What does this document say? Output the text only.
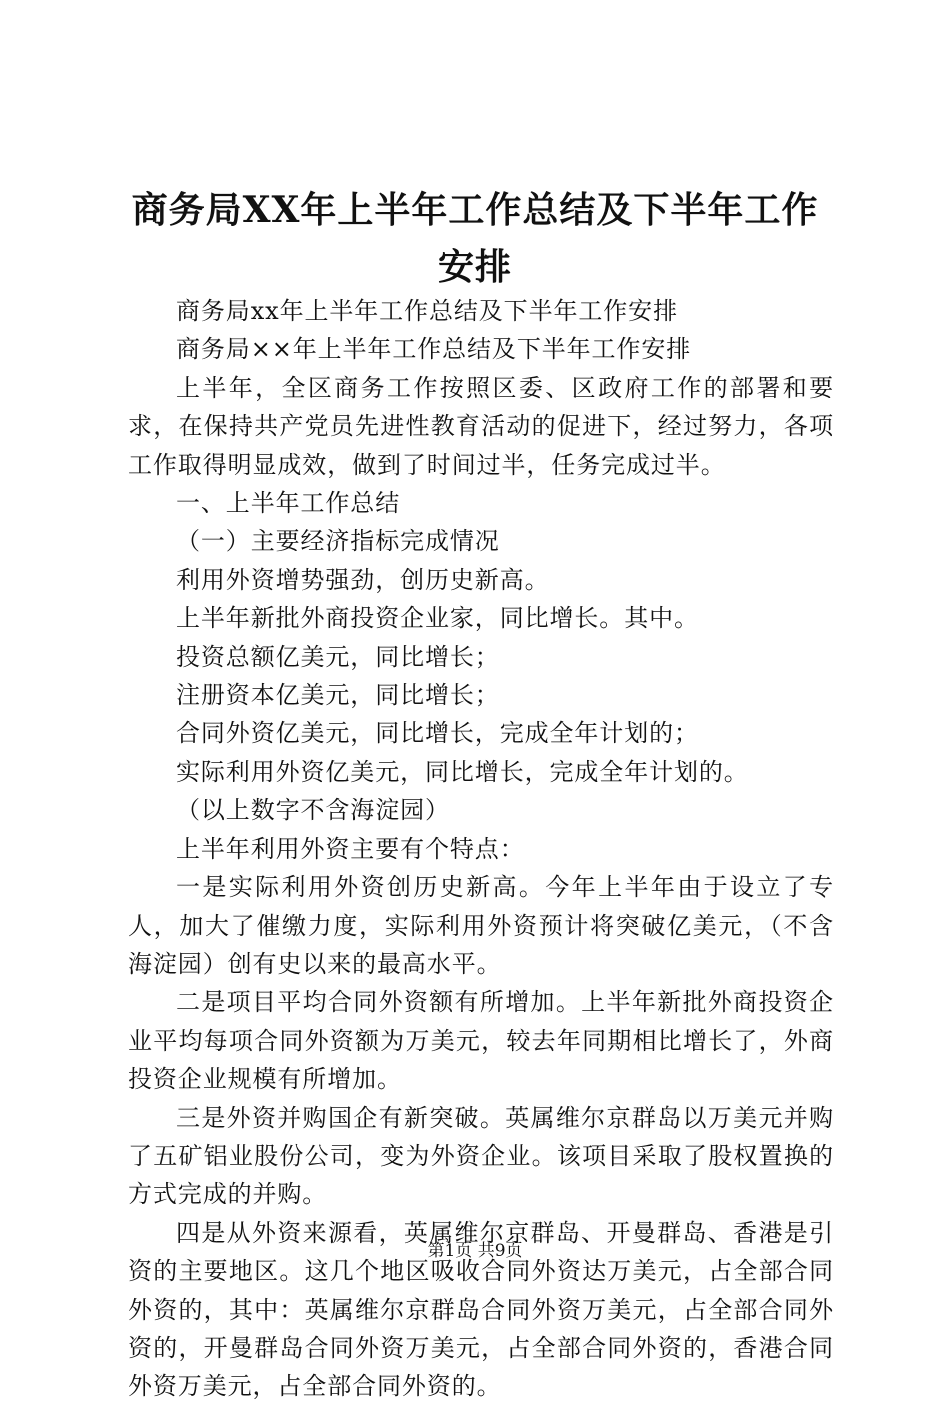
商务局XX年上半年工作总结及下半年工作安排

商务局xx年上半年工作总结及下半年工作安排

商务局××年上半年工作总结及下半年工作安排

上半年，全区商务工作按照区委、区政府工作的部署和要求，在保持共产党员先进性教育活动的促进下，经过努力，各项工作取得明显成效，做到了时间过半，任务完成过半。

一、上半年工作总结

（一）主要经济指标完成情况

利用外资增势强劲，创历史新高。

上半年新批外商投资企业家，同比增长。其中。

投资总额亿美元，同比增长；

注册资本亿美元，同比增长；

合同外资亿美元，同比增长，完成全年计划的；

实际利用外资亿美元，同比增长，完成全年计划的。

（以上数字不含海淀园）

上半年利用外资主要有个特点：

一是实际利用外资创历史新高。今年上半年由于设立了专人，加大了催缴力度，实际利用外资预计将突破亿美元，（不含海淀园）创有史以来的最高水平。

二是项目平均合同外资额有所增加。上半年新批外商投资企业平均每项合同外资额为万美元，较去年同期相比增长了，外商投资企业规模有所增加。

三是外资并购国企有新突破。英属维尔京群岛以万美元并购了五矿铝业股份公司，变为外资企业。该项目采取了股权置换的方式完成的并购。

四是从外资来源看，英属维尔京群岛、开曼群岛、香港是引资的主要地区。这几个地区吸收合同外资达万美元，占全部合同外资的，其中：英属维尔京群岛合同外资万美元，占全部合同外资的，开曼群岛合同外资万美元，占全部合同外资的，香港合同外资万美元，占全部合同外资的。

第1页 共9页
